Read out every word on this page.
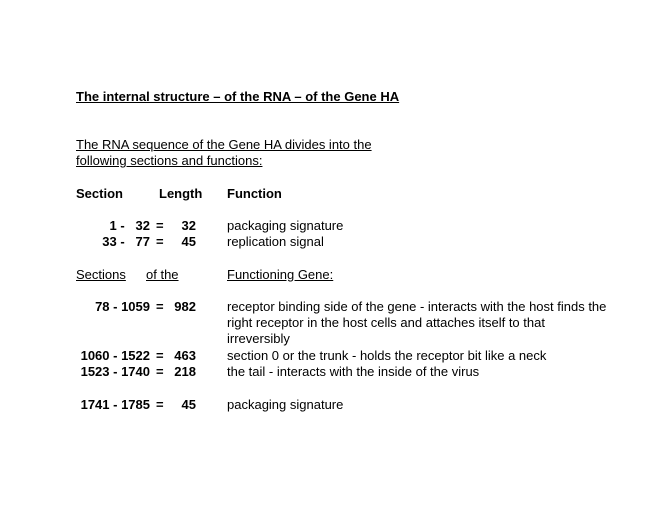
The internal structure – of the RNA – of the Gene HA
The RNA sequence of the Gene HA divides into the following sections and functions:
Section	Length Function
1 -   32 =	32 packaging signature
33 -   77 =	45 replication signal
Sections of the	Functioning Gene:
78 - 1059 = 982 receptor binding side of the gene - interacts with the host finds the right receptor in the host cells and attaches itself to that irreversibly
1060 - 1522 = 463 section 0 or the trunk - holds the receptor bit like a neck
1523 - 1740 = 218 the tail - interacts with the inside of the virus
1741 - 1785 =	45 packaging signature
